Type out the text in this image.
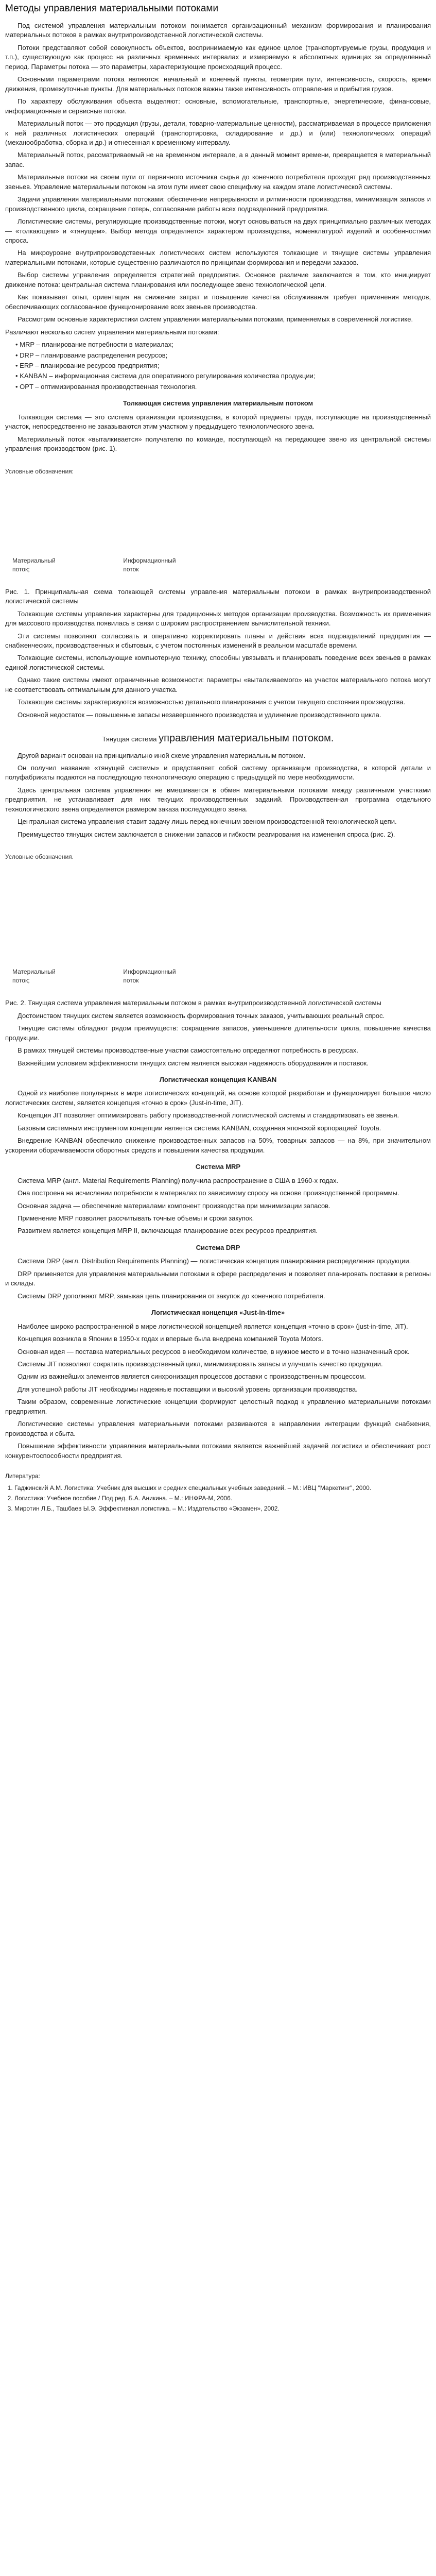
Методы управления материальными потоками

Под системой управления материальным потоком понимается организационный механизм формирования и планирования материальных потоков в рамках внутрипроизводственной логистической системы.

Потоки представляют собой совокупность объектов, воспринимаемую как единое целое (транспортируемые грузы, продукция и т.п.), существующую как процесс на различных временных интервалах и измеряемую в абсолютных единицах за определенный период. Параметры потока — это параметры, характеризующие происходящий процесс.

Основными параметрами потока являются: начальный и конечный пункты, геометрия пути, интенсивность, скорость, время движения, промежуточные пункты. Для материальных потоков важны также интенсивность отправления и прибытия грузов.

По характеру обслуживания объекта выделяют: основные, вспомогательные, транспортные, энергетические, финансовые, информационные и сервисные потоки.

Материальный поток — это продукция (грузы, детали, товарно-материальные ценности), рассматриваемая в процессе приложения к ней различных логистических операций (транспортировка, складирование и др.) и (или) технологических операций (механообработка, сборка и др.) и отнесенная к временному интервалу.

Материальный поток, рассматриваемый не на временном интервале, а в данный момент времени, превращается в материальный запас.

Материальные потоки на своем пути от первичного источника сырья до конечного потребителя проходят ряд производственных звеньев. Управление материальным потоком на этом пути имеет свою специфику на каждом этапе логистической системы.

Задачи управления материальными потоками: обеспечение непрерывности и ритмичности производства, минимизация запасов и производственного цикла, сокращение потерь, согласование работы всех подразделений предприятия.

Логистические системы, регулирующие производственные потоки, могут основываться на двух принципиально различных методах — «толкающем» и «тянущем». Выбор метода определяется характером производства, номенклатурой изделий и особенностями спроса.

На микроуровне внутрипроизводственных логистических систем используются толкающие и тянущие системы управления материальными потоками, которые существенно различаются по принципам формирования и передачи заказов.

Выбор системы управления определяется стратегией предприятия. Основное различие заключается в том, кто инициирует движение потока: центральная система планирования или последующее звено технологической цепи.

Как показывает опыт, ориентация на снижение затрат и повышение качества обслуживания требует применения методов, обеспечивающих согласованное функционирование всех звеньев производства.

Рассмотрим основные характеристики систем управления материальными потоками, применяемых в современной логистике.

Различают несколько систем управления материальными потоками:

• MRP – планирование потребности в материалах;
• DRP – планирование распределения ресурсов;
• ERP – планирование ресурсов предприятия;
• KANBAN – информационная система для оперативного регулирования количества продукции;
• OPT – оптимизированная производственная технология.
Толкающая система управления материальным потоком

Толкающая система — это система организации производства, в которой предметы труда, поступающие на производственный участок, непосредственно не заказываются этим участком у предыдущего технологического звена.

Материальный поток «выталкивается» получателю по команде, поступающей на передающее звено из центральной системы управления производством (рис. 1).

Условные обозначения:
Материальный поток; Информационный поток

Рис. 1. Принципиальная схема толкающей системы управления материальным потоком в рамках внутрипроизводственной логистической системы

Толкающие системы управления характерны для традиционных методов организации производства. Возможность их применения для массового производства появилась в связи с широким распространением вычислительной техники.

Эти системы позволяют согласовать и оперативно корректировать планы и действия всех подразделений предприятия — снабженческих, производственных и сбытовых, с учетом постоянных изменений в реальном масштабе времени.

Толкающие системы, использующие компьютерную технику, способны увязывать и планировать поведение всех звеньев в рамках единой логистической системы.

Однако такие системы имеют ограниченные возможности: параметры «выталкиваемого» на участок материального потока могут не соответствовать оптимальным для данного участка.

Толкающие системы характеризуются возможностью детального планирования с учетом текущего состояния производства.

Основной недостаток — повышенные запасы незавершенного производства и удлинение производственного цикла.

Тянущая система управления материальным потоком.

Другой вариант основан на принципиально иной схеме управления материальным потоком.

Он получил название «тянущей системы» и представляет собой систему организации производства, в которой детали и полуфабрикаты подаются на последующую технологическую операцию с предыдущей по мере необходимости.

Здесь центральная система управления не вмешивается в обмен материальными потоками между различными участками предприятия, не устанавливает для них текущих производственных заданий. Производственная программа отдельного технологического звена определяется размером заказа последующего звена.

Центральная система управления ставит задачу лишь перед конечным звеном производственной технологической цепи.

Преимущество тянущих систем заключается в снижении запасов и гибкости реагирования на изменения спроса (рис. 2).

Условные обозначения.
Материальный поток; Информационный поток

Рис. 2. Тянущая система управления материальным потоком в рамках внутрипроизводственной логистической системы

Достоинством тянущих систем является возможность формирования точных заказов, учитывающих реальный спрос.

Тянущие системы обладают рядом преимуществ: сокращение запасов, уменьшение длительности цикла, повышение качества продукции.

В рамках тянущей системы производственные участки самостоятельно определяют потребность в ресурсах.

Важнейшим условием эффективности тянущих систем является высокая надежность оборудования и поставок.

Логистическая концепция KANBAN

Одной из наиболее популярных в мире логистических концепций, на основе которой разработан и функционирует большое число логистических систем, является концепция «точно в срок» (Just-in-time, JIT).

Концепция JIT позволяет оптимизировать работу производственной логистической системы и стандартизовать её звенья.

Базовым системным инструментом концепции является система KANBAN, созданная японской корпорацией Toyota.

Внедрение KANBAN обеспечило снижение производственных запасов на 50%, товарных запасов — на 8%, при значительном ускорении оборачиваемости оборотных средств и повышении качества продукции.

Система MRP

Система MRP (англ. Material Requirements Planning) получила распространение в США в 1960-х годах.

Она построена на исчислении потребности в материалах по зависимому спросу на основе производственной программы.

Основная задача — обеспечение материалами компонент производства при минимизации запасов.

Применение MRP позволяет рассчитывать точные объемы и сроки закупок.

Развитием является концепция MRP II, включающая планирование всех ресурсов предприятия.

Система DRP

Система DRP (англ. Distribution Requirements Planning) — логистическая концепция планирования распределения продукции.

DRP применяется для управления материальными потоками в сфере распределения и позволяет планировать поставки в регионы и склады.

Системы DRP дополняют MRP, замыкая цепь планирования от закупок до конечного потребителя.

Логистическая концепция «Just-in-time»

Наиболее широко распространенной в мире логистической концепцией является концепция «точно в срок» (just-in-time, JIT).

Концепция возникла в Японии в 1950-х годах и впервые была внедрена компанией Toyota Motors.

Основная идея — поставка материальных ресурсов в необходимом количестве, в нужное место и в точно назначенный срок.

Системы JIT позволяют сократить производственный цикл, минимизировать запасы и улучшить качество продукции.

Одним из важнейших элементов является синхронизация процессов доставки с производственным процессом.

Для успешной работы JIT необходимы надежные поставщики и высокий уровень организации производства.

Таким образом, современные логистические концепции формируют целостный подход к управлению материальными потоками предприятия.

Логистические системы управления материальными потоками развиваются в направлении интеграции функций снабжения, производства и сбыта.

Повышение эффективности управления материальными потоками является важнейшей задачей логистики и обеспечивает рост конкурентоспособности предприятия.

Литература:
1. Гаджинский А.М. Логистика: Учебник для высших и средних специальных учебных заведений. – М.: ИВЦ "Маркетинг", 2000.
2. Логистика: Учебное пособие / Под ред. Б.А. Аникина. – М.: ИНФРА-М, 2006.
3. Миротин Л.Б., Ташбаев Ы.Э. Эффективная логистика. – М.: Издательство «Экзамен», 2002.
